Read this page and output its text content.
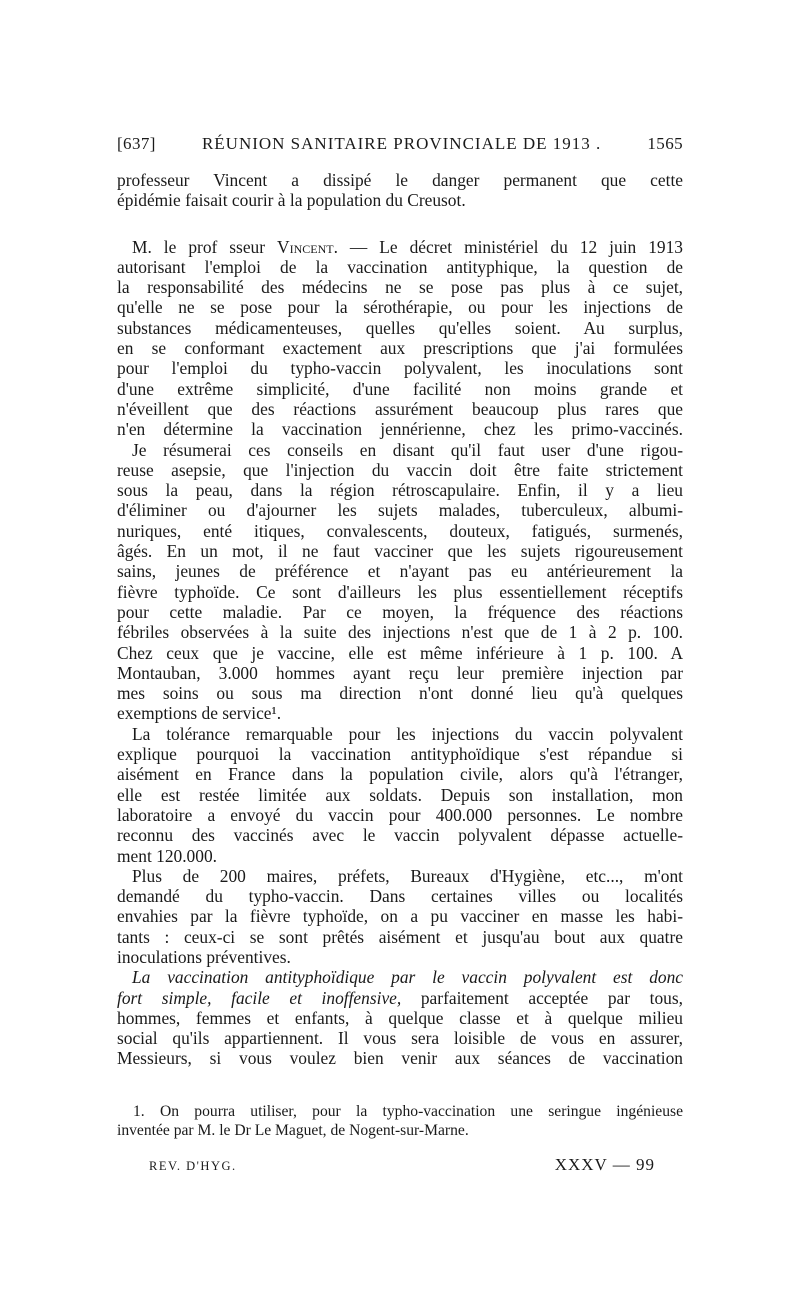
[637]	RÉUNION SANITAIRE PROVINCIALE DE 1913 .	1565
professeur Vincent a dissipé le danger permanent que cette
épidémie faisait courir à la population du Creusot.
M. le prof sseur Vincent. — Le décret ministériel du 12 juin 1913
autorisant l'emploi de la vaccination antityphique, la question de
la responsabilité des médecins ne se pose pas plus à ce sujet,
qu'elle ne se pose pour la sérothérapie, ou pour les injections de
substances médicamenteuses, quelles qu'elles soient. Au surplus,
en se conformant exactement aux prescriptions que j'ai formulées
pour l'emploi du typho-vaccin polyvalent, les inoculations sont
d'une extrême simplicité, d'une facilité non moins grande et
n'éveillent que des réactions assurément beaucoup plus rares que
n'en détermine la vaccination jennérienne, chez les primo-vaccinés.
Je résumerai ces conseils en disant qu'il faut user d'une rigou-
reuse asepsie, que l'injection du vaccin doit être faite strictement
sous la peau, dans la région rétroscapulaire. Enfin, il y a lieu
d'éliminer ou d'ajourner les sujets malades, tuberculeux, albumi-
nuriques, enté itiques, convalescents, douteux, fatigués, surmenés,
âgés. En un mot, il ne faut vacciner que les sujets rigoureusement
sains, jeunes de préférence et n'ayant pas eu antérieurement la
fièvre typhoïde. Ce sont d'ailleurs les plus essentiellement réceptifs
pour cette maladie. Par ce moyen, la fréquence des réactions
fébriles observées à la suite des injections n'est que de 1 à 2 p. 100.
Chez ceux que je vaccine, elle est même inférieure à 1 p. 100. A
Montauban, 3.000 hommes ayant reçu leur première injection par
mes soins ou sous ma direction n'ont donné lieu qu'à quelques
exemptions de service¹.
La tolérance remarquable pour les injections du vaccin polyvalent
explique pourquoi la vaccination antityphoïdique s'est répandue si
aisément en France dans la population civile, alors qu'à l'étranger,
elle est restée limitée aux soldats. Depuis son installation, mon
laboratoire a envoyé du vaccin pour 400.000 personnes. Le nombre
reconnu des vaccinés avec le vaccin polyvalent dépasse actuelle-
ment 120.000.
Plus de 200 maires, préfets, Bureaux d'Hygiène, etc..., m'ont
demandé du typho-vaccin. Dans certaines villes ou localités
envahies par la fièvre typhoïde, on a pu vacciner en masse les habi-
tants : ceux-ci se sont prêtés aisément et jusqu'au bout aux quatre
inoculations préventives.
La vaccination antityphoïdique par le vaccin polyvalent est donc
fort simple, facile et inoffensive, parfaitement acceptée par tous,
hommes, femmes et enfants, à quelque classe et à quelque milieu
social qu'ils appartiennent. Il vous sera loisible de vous en assurer,
Messieurs, si vous voulez bien venir aux séances de vaccination
1. On pourra utiliser, pour la typho-vaccination une seringue ingénieuse
inventée par M. le Dr Le Maguet, de Nogent-sur-Marne.
REV. D'HYG.	XXXV — 99
